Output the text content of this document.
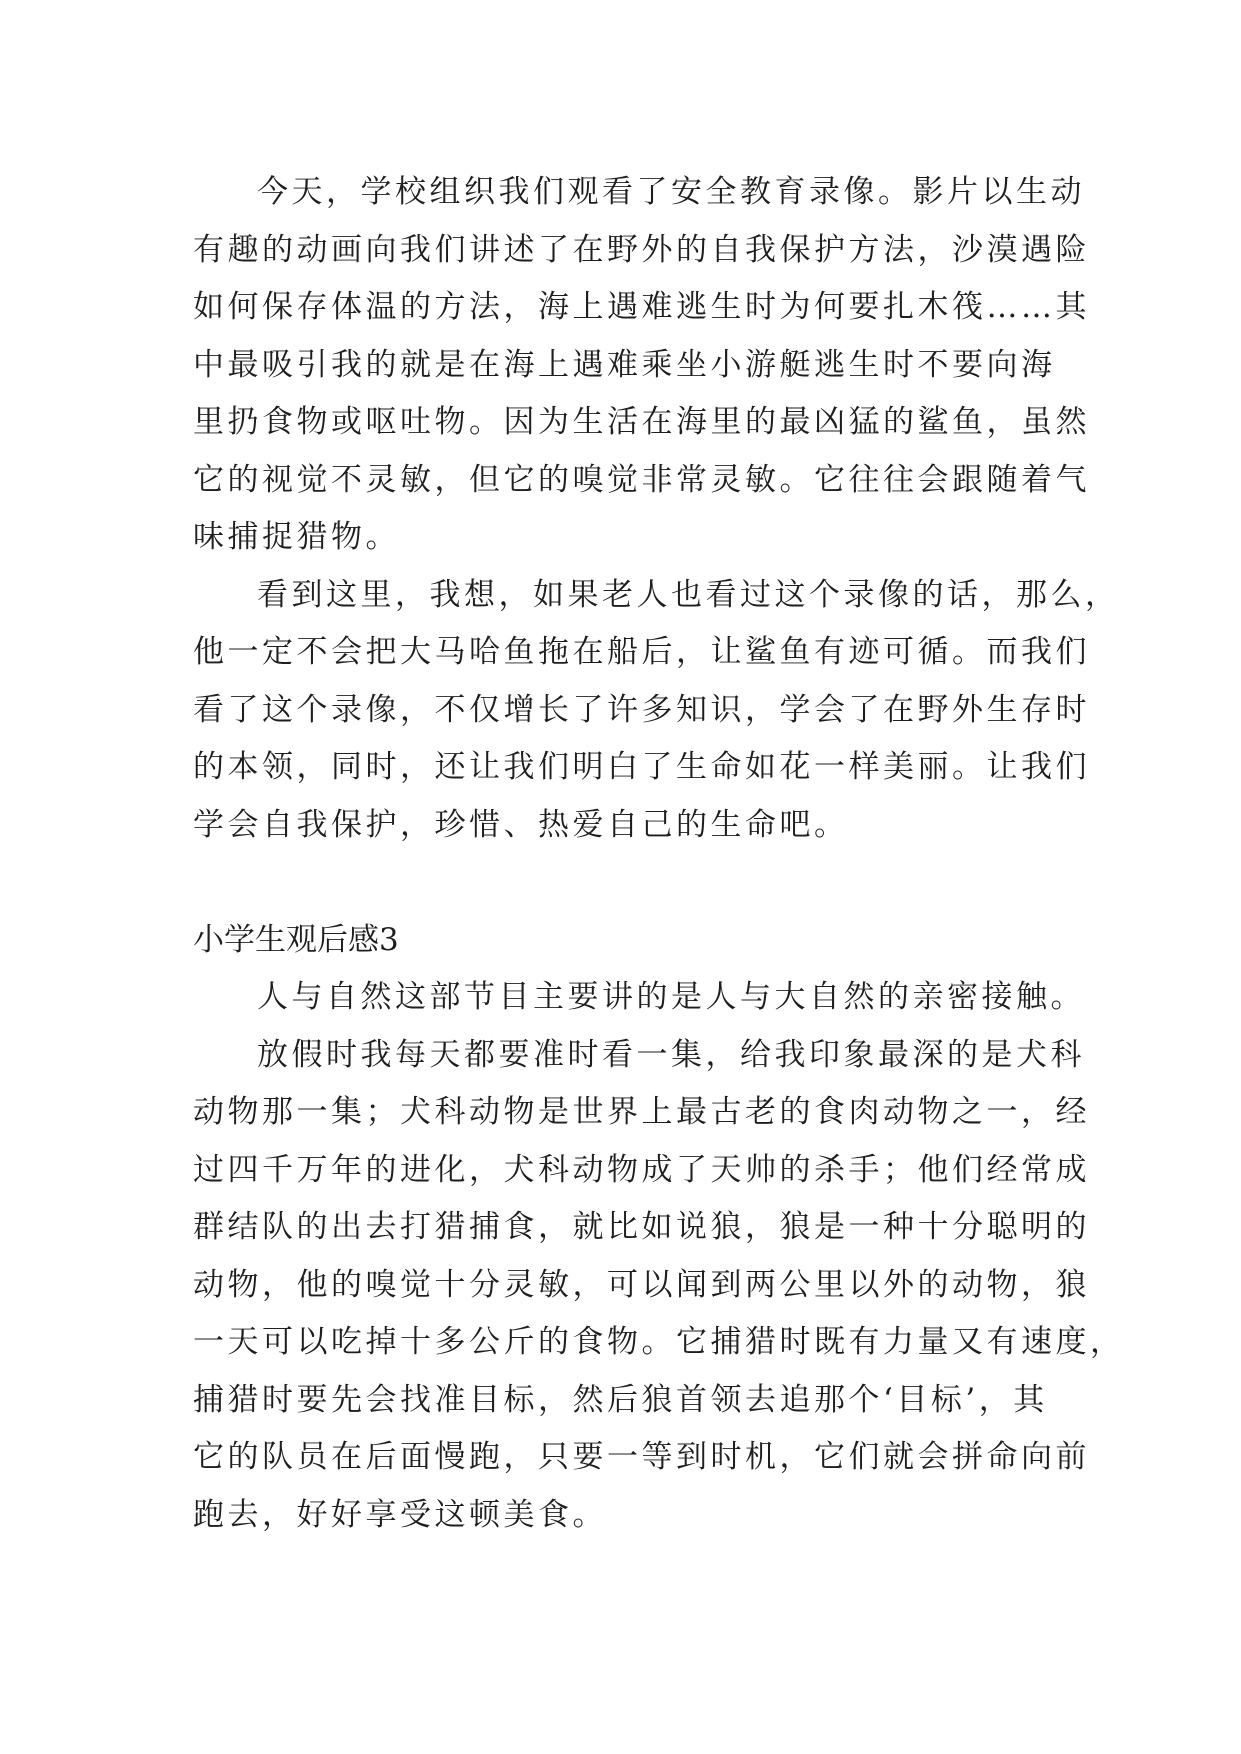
今天，学校组织我们观看了安全教育录像。影片以生动
有趣的动画向我们讲述了在野外的自我保护方法，沙漠遇险
如何保存体温的方法，海上遇难逃生时为何要扎木筏……其
中最吸引我的就是在海上遇难乘坐小游艇逃生时不要向海
里扔食物或呕吐物。因为生活在海里的最凶猛的鲨鱼，虽然
它的视觉不灵敏，但它的嗅觉非常灵敏。它往往会跟随着气
味捕捉猎物。
看到这里，我想，如果老人也看过这个录像的话，那么，
他一定不会把大马哈鱼拖在船后，让鲨鱼有迹可循。而我们
看了这个录像，不仅增长了许多知识，学会了在野外生存时
的本领，同时，还让我们明白了生命如花一样美丽。让我们
学会自我保护，珍惜、热爱自己的生命吧。
小学生观后感3
人与自然这部节目主要讲的是人与大自然的亲密接触。
放假时我每天都要准时看一集，给我印象最深的是犬科
动物那一集；犬科动物是世界上最古老的食肉动物之一，经
过四千万年的进化，犬科动物成了天帅的杀手；他们经常成
群结队的出去打猎捕食，就比如说狼，狼是一种十分聪明的
动物，他的嗅觉十分灵敏，可以闻到两公里以外的动物，狼
一天可以吃掉十多公斤的食物。它捕猎时既有力量又有速度，
捕猎时要先会找准目标，然后狼首领去追那个‘目标’，其
它的队员在后面慢跑，只要一等到时机，它们就会拼命向前
跑去，好好享受这顿美食。
